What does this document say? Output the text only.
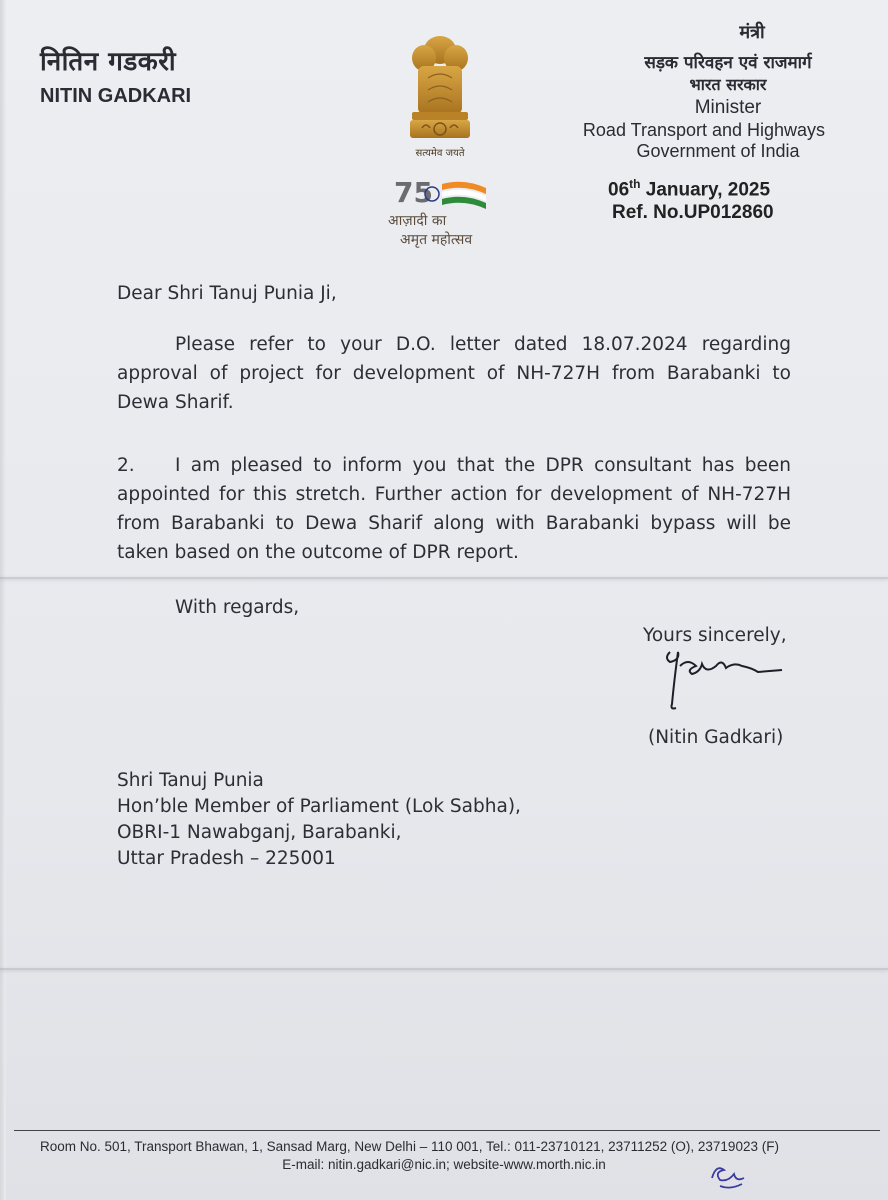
नितिन गडकरी
NITIN GADKARI
सत्यमेव जयते
75
आज़ादी का
अमृत महोत्सव
मंत्री
सड़क परिवहन एवं राजमार्ग
भारत सरकार
Minister
Road Transport and Highways
Government of India
06th January, 2025
Ref. No.UP012860
Dear Shri Tanuj Punia Ji,
Please refer to your D.O. letter dated 18.07.2024 regarding approval of project for development of NH-727H from Barabanki to Dewa Sharif.
2. I am pleased to inform you that the DPR consultant has been appointed for this stretch. Further action for development of NH-727H from Barabanki to Dewa Sharif along with Barabanki bypass will be taken based on the outcome of DPR report.
With regards,
Yours sincerely,
(Nitin Gadkari)
Shri Tanuj Punia
Hon’ble Member of Parliament (Lok Sabha),
OBRI-1 Nawabganj, Barabanki,
Uttar Pradesh – 225001
Room No. 501, Transport Bhawan, 1, Sansad Marg, New Delhi – 110 001, Tel.: 011-23710121, 23711252 (O), 23719023 (F)
E-mail: nitin.gadkari@nic.in; website-www.morth.nic.in
